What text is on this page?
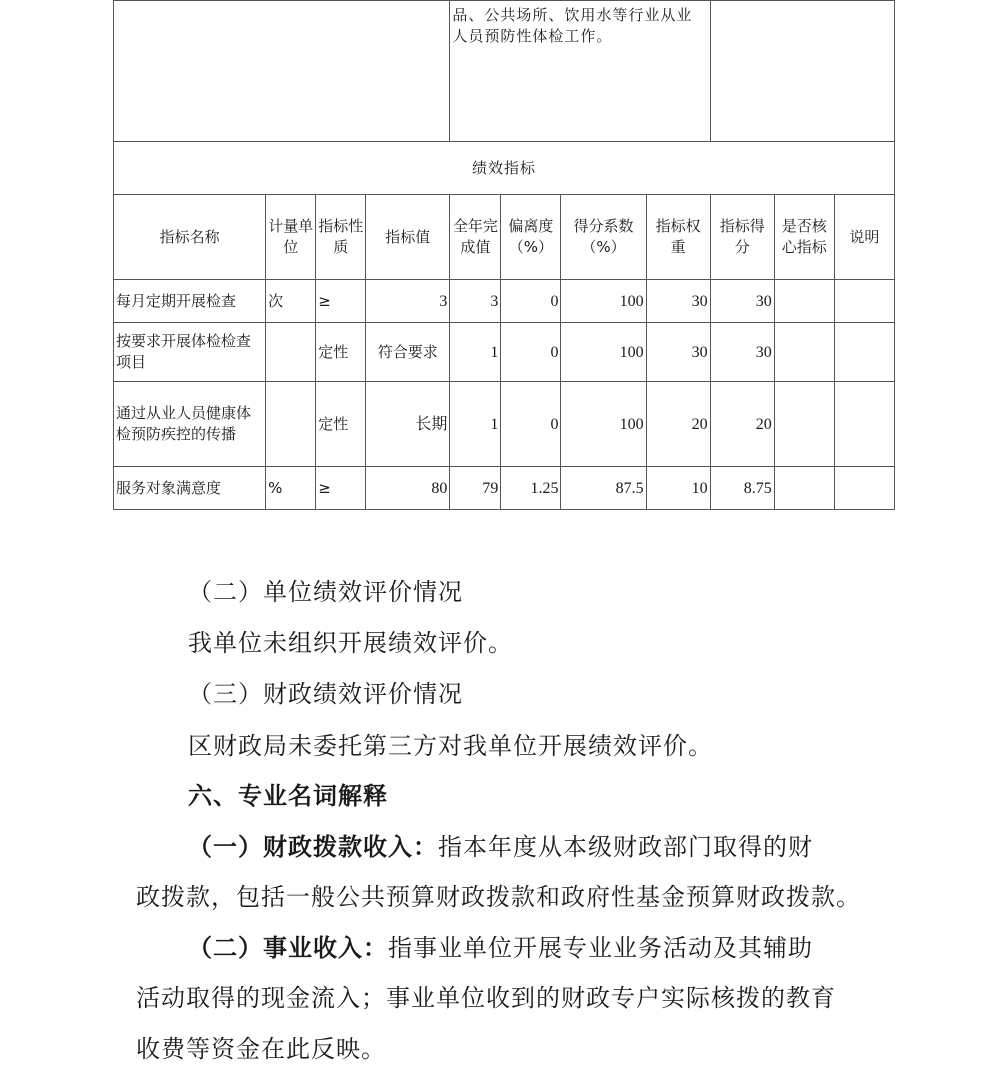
				品、公共场所、饮用水等行业从业人员预防性体检工作。						
绩效指标										
指标名称	计量单位	指标性质	指标值	全年完成值	偏离度（%）	得分系数（%）	指标权重	指标得分	是否核心指标	说明
每月定期开展检查	次	≥	3	3	0	100	30	30		
按要求开展体检检查项目		定性	符合要求	1	0	100	30	30		
通过从业人员健康体检预防疾控的传播		定性	长期	1	0	100	20	20		
服务对象满意度	%	≥	80	79	1.25	87.5	10	8.75		
（二）单位绩效评价情况
我单位未组织开展绩效评价。
（三）财政绩效评价情况
区财政局未委托第三方对我单位开展绩效评价。
六、专业名词解释
（一）财政拨款收入：指本年度从本级财政部门取得的财
政拨款，包括一般公共预算财政拨款和政府性基金预算财政拨款。
（二）事业收入：指事业单位开展专业业务活动及其辅助
活动取得的现金流入；事业单位收到的财政专户实际核拨的教育
收费等资金在此反映。
